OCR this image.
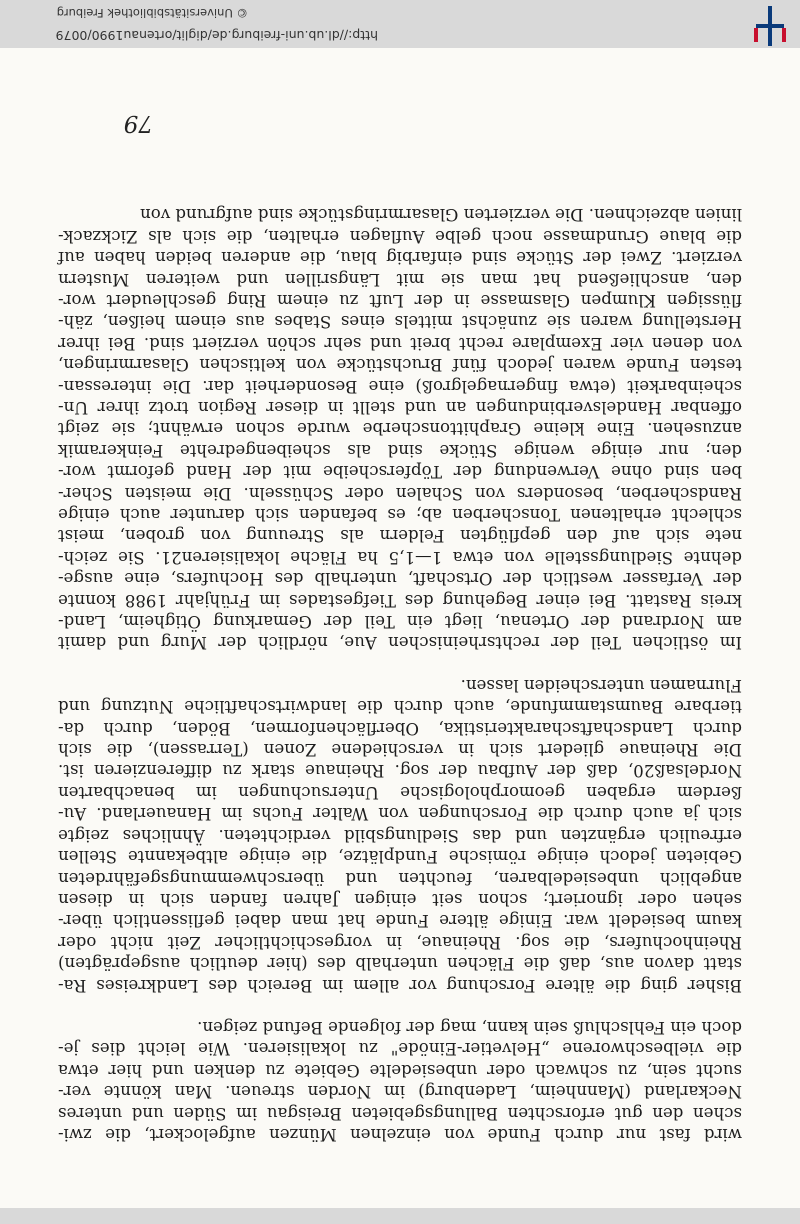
http://dl.ub.uni-freiburg.de/diglit/ortenau1990/0079
© Universitätsbibliothek Freiburg
wird fast nur durch Funde von einzelnen Münzen aufgelockert, die zwi-
schen den gut erforschten Ballungsgebieten Breisgau im Süden und unteres
Neckarland (Mannheim, Ladenburg) im Norden streuen. Man könnte ver-
sucht sein, zu schwach oder unbesiedelte Gebiete zu denken und hier etwa
die vielbeschworene „Helvetier-Einöde" zu lokalisieren. Wie leicht dies je-
doch ein Fehlschluß sein kann, mag der folgende Befund zeigen.
Bisher ging die ältere Forschung vor allem im Bereich des Landkreises Ra-
statt davon aus, daß die Flächen unterhalb des (hier deutlich ausgeprägten)
Rheinhochufers, die sog. Rheinaue, in vorgeschichtlicher Zeit nicht oder
kaum besiedelt war. Einige ältere Funde hat man dabei geflissentlich über-
sehen oder ignoriert; schon seit einigen Jahren fanden sich in diesen
angeblich unbesiedelbaren, feuchten und überschwemmungsgefährdeten
Gebieten jedoch einige römische Fundplätze, die einige altbekannte Stellen
erfreulich ergänzten und das Siedlungsbild verdichteten. Ähnliches zeigte
sich ja auch durch die Forschungen von Walter Fuchs im Hanauerland. Au-
ßerdem ergaben geomorphologische Untersuchungen im benachbarten
Nordelsaß20, daß der Aufbau der sog. Rheinaue stark zu differenzieren ist.
Die Rheinaue gliedert sich in verschiedene Zonen (Terrassen), die sich
durch Landschaftscharakteristika, Oberflächenformen, Böden, durch da-
tierbare Baumstammfunde, auch durch die landwirtschaftliche Nutzung und
Flurnamen unterscheiden lassen.
Im östlichen Teil der rechtsrheinischen Aue, nördlich der Murg und damit
am Nordrand der Ortenau, liegt ein Teil der Gemarkung Ötigheim, Land-
kreis Rastatt. Bei einer Begehung des Tiefgestades im Frühjahr 1988 konnte
der Verfasser westlich der Ortschaft, unterhalb des Hochufers, eine ausge-
dehnte Siedlungsstelle von etwa 1—1,5 ha Fläche lokalisieren21. Sie zeich-
nete sich auf den gepflügten Feldern als Streuung von groben, meist
schlecht erhaltenen Tonscherben ab; es befanden sich darunter auch einige
Randscherben, besonders von Schalen oder Schüsseln. Die meisten Scher-
ben sind ohne Verwendung der Töpferscheibe mit der Hand geformt wor-
den; nur einige wenige Stücke sind als scheibengedrehte Feinkeramik
anzusehen. Eine kleine Graphittonscherbe wurde schon erwähnt; sie zeigt
offenbar Handelsverbindungen an und stellt in dieser Region trotz ihrer Un-
scheinbarkeit (etwa fingernagelgroß) eine Besonderheit dar. Die interessan-
testen Funde waren jedoch fünf Bruchstücke von keltischen Glasarmringen,
von denen vier Exemplare recht breit und sehr schön verziert sind. Bei ihrer
Herstellung waren sie zunächst mittels eines Stabes aus einem heißen, zäh-
flüssigen Klumpen Glasmasse in der Luft zu einem Ring geschleudert wor-
den, anschließend hat man sie mit Längsrillen und weiteren Mustern
verziert. Zwei der Stücke sind einfarbig blau, die anderen beiden haben auf
die blaue Grundmasse noch gelbe Auflagen erhalten, die sich als Zickzack-
linien abzeichnen. Die verzierten Glasarmringstücke sind aufgrund von
79
